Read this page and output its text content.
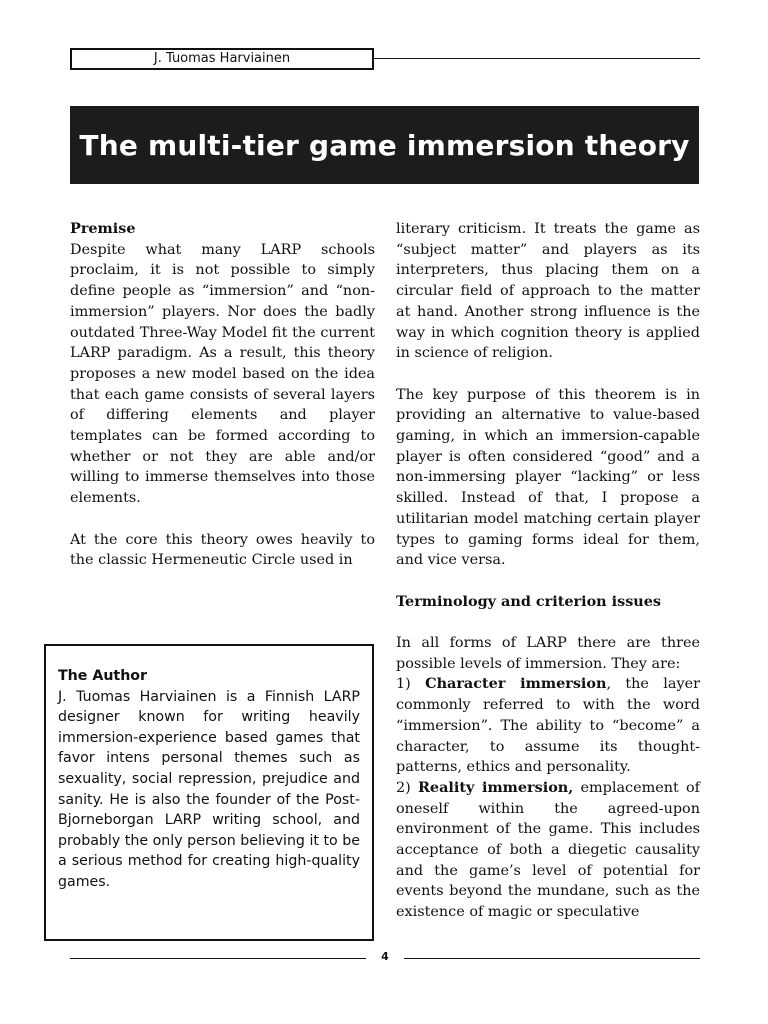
J. Tuomas Harviainen
The multi-tier game immersion theory
Premise

Despite what many LARP schools proclaim, it is not possible to simply define people as “immersion” and “non-immersion” players. Nor does the badly outdated Three-Way Model fit the current LARP paradigm. As a result, this theory proposes a new model based on the idea that each game consists of several layers of differing elements and player templates can be formed according to whether or not they are able and/or willing to immerse themselves into those elements.

At the core this theory owes heavily to the classic Hermeneutic Circle used in

The Author
J. Tuomas Harviainen is a Finnish LARP designer known for writing heavily immersion-experience based games that favor intens personal themes such as sexuality, social repression, prejudice and sanity. He is also the founder of the Post-Bjorneborgan LARP writing school, and probably the only person believing it to be a serious method for creating high-quality games.

literary criticism. It treats the game as “subject matter” and players as its interpreters, thus placing them on a circular field of approach to the matter at hand. Another strong influence is the way in which cognition theory is applied in science of religion.

The key purpose of this theorem is in providing an alternative to value-based gaming, in which an immersion-capable player is often considered “good” and a non-immersing player “lacking” or less skilled. Instead of that, I propose a utilitarian model matching certain player types to gaming forms ideal for them, and vice versa.

Terminology and criterion issues

In all forms of LARP there are three possible levels of immersion. They are:

1) Character immersion, the layer commonly referred to with the word “immersion”. The ability to “become” a character, to assume its thought-patterns, ethics and personality.

2) Reality immersion, emplacement of oneself within the agreed-upon environment of the game. This includes acceptance of both a diegetic causality and the game’s level of potential for events beyond the mundane, such as the existence of magic or speculative

4
